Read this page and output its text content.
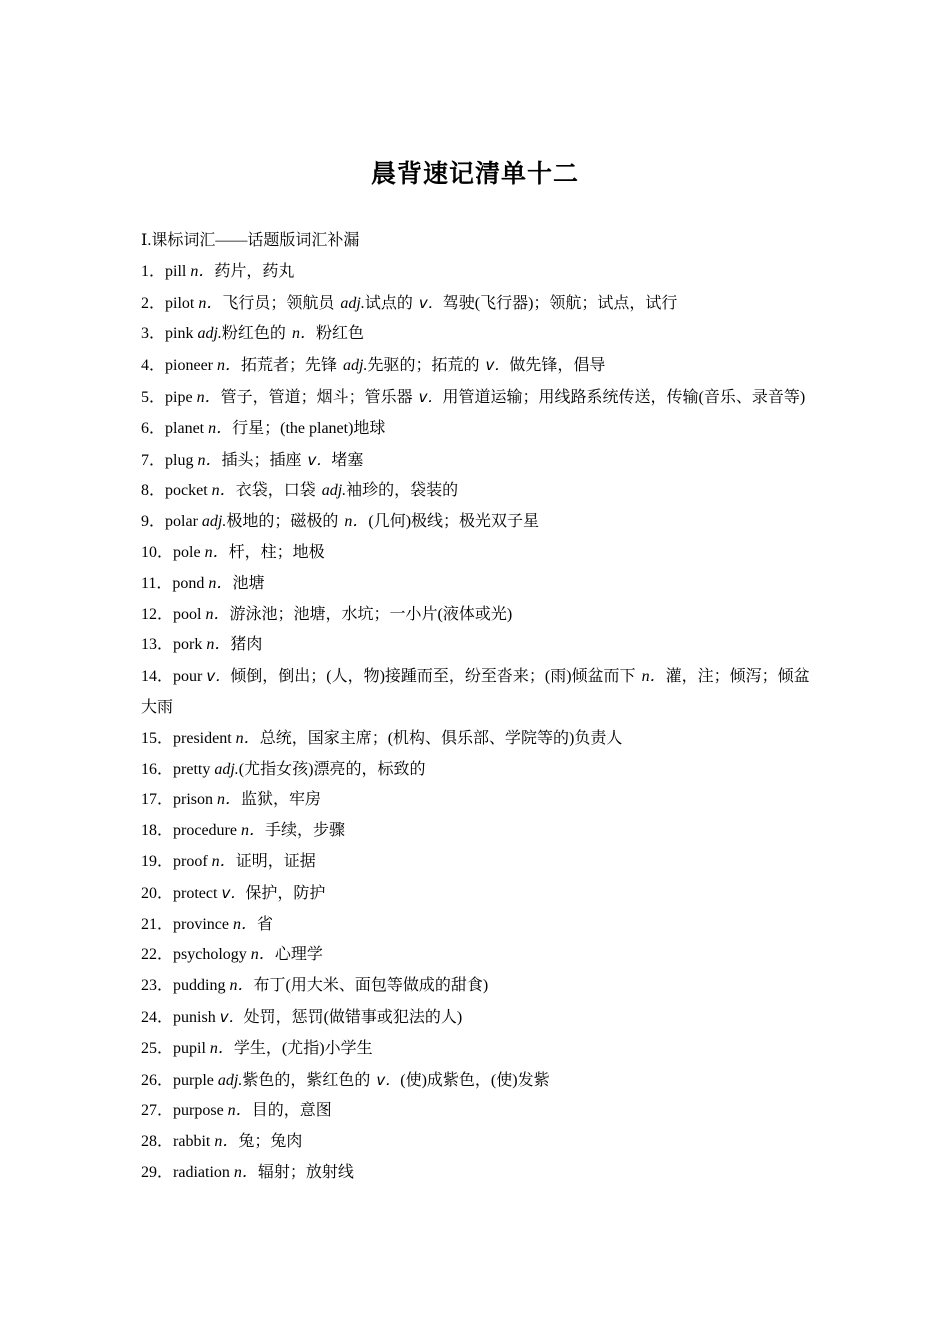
晨背速记清单十二
Ⅰ.课标词汇——话题版词汇补漏
1．pill n．药片，药丸
2．pilot n．飞行员；领航员 adj.试点的 v．驾驶(飞行器)；领航；试点，试行
3．pink adj.粉红色的 n．粉红色
4．pioneer n．拓荒者；先锋 adj.先驱的；拓荒的 v．做先锋，倡导
5．pipe n．管子，管道；烟斗；管乐器 v．用管道运输；用线路系统传送，传输(音乐、录音等)
6．planet n．行星；(the planet)地球
7．plug n．插头；插座 v．堵塞
8．pocket n．衣袋，口袋 adj.袖珍的，袋装的
9．polar adj.极地的；磁极的 n．(几何)极线；极光双子星
10．pole n．杆，柱；地极
11．pond n．池塘
12．pool n．游泳池；池塘，水坑；一小片(液体或光)
13．pork n．猪肉
14．pour v．倾倒，倒出；(人，物)接踵而至，纷至沓来；(雨)倾盆而下 n．灌，注；倾泻；倾盆大雨
15．president n．总统，国家主席；(机构、俱乐部、学院等的)负责人
16．pretty adj.(尤指女孩)漂亮的，标致的
17．prison n．监狱，牢房
18．procedure n．手续，步骤
19．proof n．证明，证据
20．protect v．保护，防护
21．province n．省
22．psychology n．心理学
23．pudding n．布丁(用大米、面包等做成的甜食)
24．punish v．处罚，惩罚(做错事或犯法的人)
25．pupil n．学生，(尤指)小学生
26．purple adj.紫色的，紫红色的 v．(使)成紫色，(使)发紫
27．purpose n．目的，意图
28．rabbit n．兔；兔肉
29．radiation n．辐射；放射线
